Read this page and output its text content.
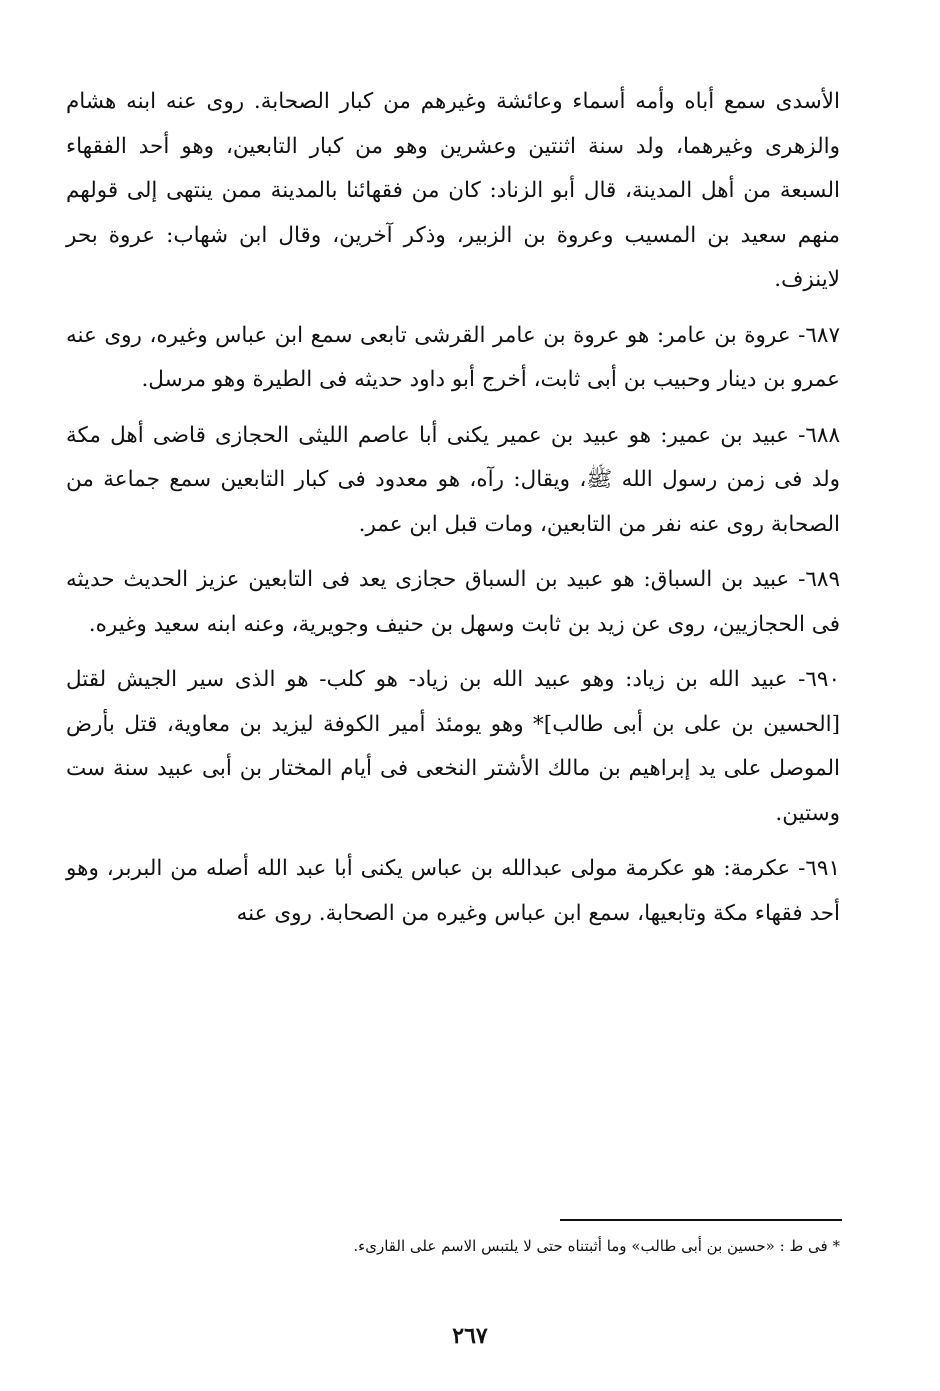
الأسدى سمع أباه وأمه أسماء وعائشة وغيرهم من كبار الصحابة. روى عنه ابنه هشام والزهرى وغيرهما، ولد سنة اثنتين وعشرين وهو من كبار التابعين، وهو أحد الفقهاء السبعة من أهل المدينة، قال أبو الزناد: كان من فقهائنا بالمدينة ممن ينتهى إلى قولهم منهم سعيد بن المسيب وعروة بن الزبير، وذكر آخرين، وقال ابن شهاب: عروة بحر لاينزف.

٦٨٧- عروة بن عامر: هو عروة بن عامر القرشى تابعى سمع ابن عباس وغيره، روى عنه عمرو بن دينار وحبيب بن أبى ثابت، أخرج أبو داود حديثه فى الطيرة وهو مرسل.

٦٨٨- عبيد بن عمير: هو عبيد بن عمير يكنى أبا عاصم الليثى الحجازى قاضى أهل مكة ولد فى زمن رسول الله ﷺ، ويقال: رآه، هو معدود فى كبار التابعين سمع جماعة من الصحابة روى عنه نفر من التابعين، ومات قبل ابن عمر.

٦٨٩- عبيد بن السباق: هو عبيد بن السباق حجازى يعد فى التابعين عزيز الحديث حديثه فى الحجازيين، روى عن زيد بن ثابت وسهل بن حنيف وجويرية، وعنه ابنه سعيد وغيره.

٦٩٠- عبيد الله بن زياد: وهو عبيد الله بن زياد- هو كلب- هو الذى سير الجيش لقتل [الحسين بن على بن أبى طالب]* وهو يومئذ أمير الكوفة ليزيد بن معاوية، قتل بأرض الموصل على يد إبراهيم بن مالك الأشتر النخعى فى أيام المختار بن أبى عبيد سنة ست وستين.

٦٩١- عكرمة: هو عكرمة مولى عبدالله بن عباس يكنى أبا عبد الله أصله من البربر، وهو أحد فقهاء مكة وتابعيها، سمع ابن عباس وغيره من الصحابة. روى عنه

* فى ط : «حسين بن أبى طالب» وما أثبتناه حتى لا يلتبس الاسم على القارىء.
٢٦٧
